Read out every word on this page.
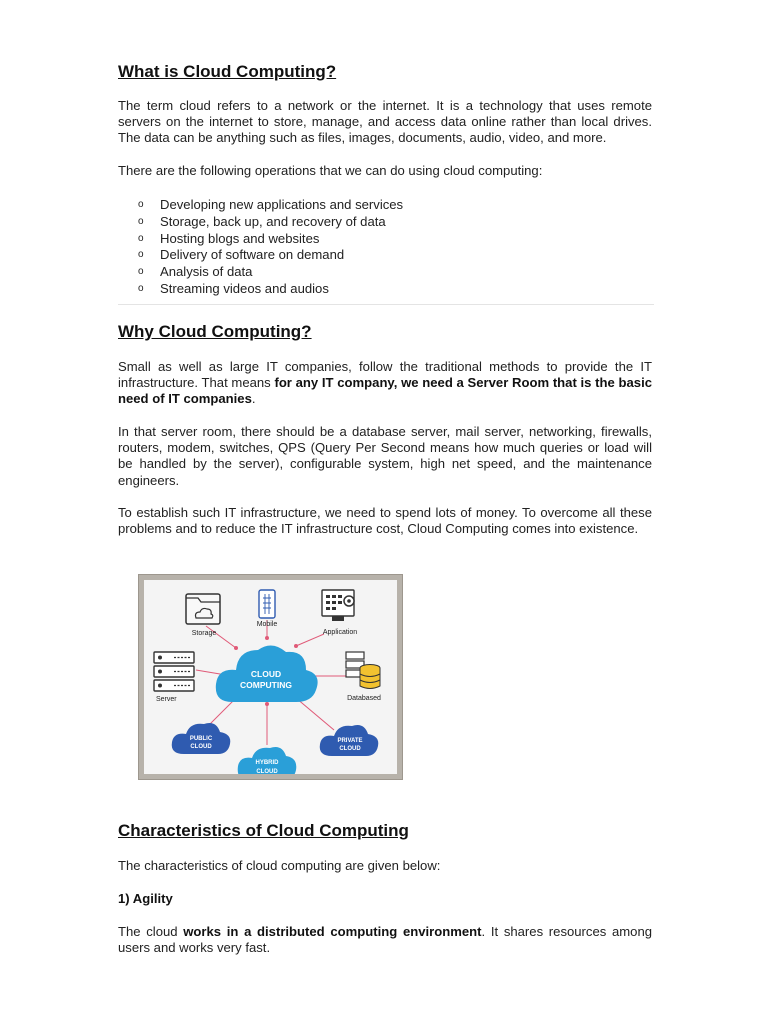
What is Cloud Computing?

The term cloud refers to a network or the internet. It is a technology that uses remote servers on the internet to store, manage, and access data online rather than local drives. The data can be anything such as files, images, documents, audio, video, and more.

There are the following operations that we can do using cloud computing:

o Developing new applications and services
o Storage, back up, and recovery of data
o Hosting blogs and websites
o Delivery of software on demand
o Analysis of data
o Streaming videos and audios
Why Cloud Computing?

Small as well as large IT companies, follow the traditional methods to provide the IT infrastructure. That means for any IT company, we need a Server Room that is the basic need of IT companies.

In that server room, there should be a database server, mail server, networking, firewalls, routers, modem, switches, QPS (Query Per Second means how much queries or load will be handled by the server), configurable system, high net speed, and the maintenance engineers.

To establish such IT infrastructure, we need to spend lots of money. To overcome all these problems and to reduce the IT infrastructure cost, Cloud Computing comes into existence.

CLOUD
COMPUTING
Storage
Mobile
Application
Server	Databased
PUBLIC
CLOUD
PRIVATE
CLOUD
HYBRID
CLOUD
Characteristics of Cloud Computing

The characteristics of cloud computing are given below:

1) Agility

The cloud works in a distributed computing environment. It shares resources among users and works very fast.
